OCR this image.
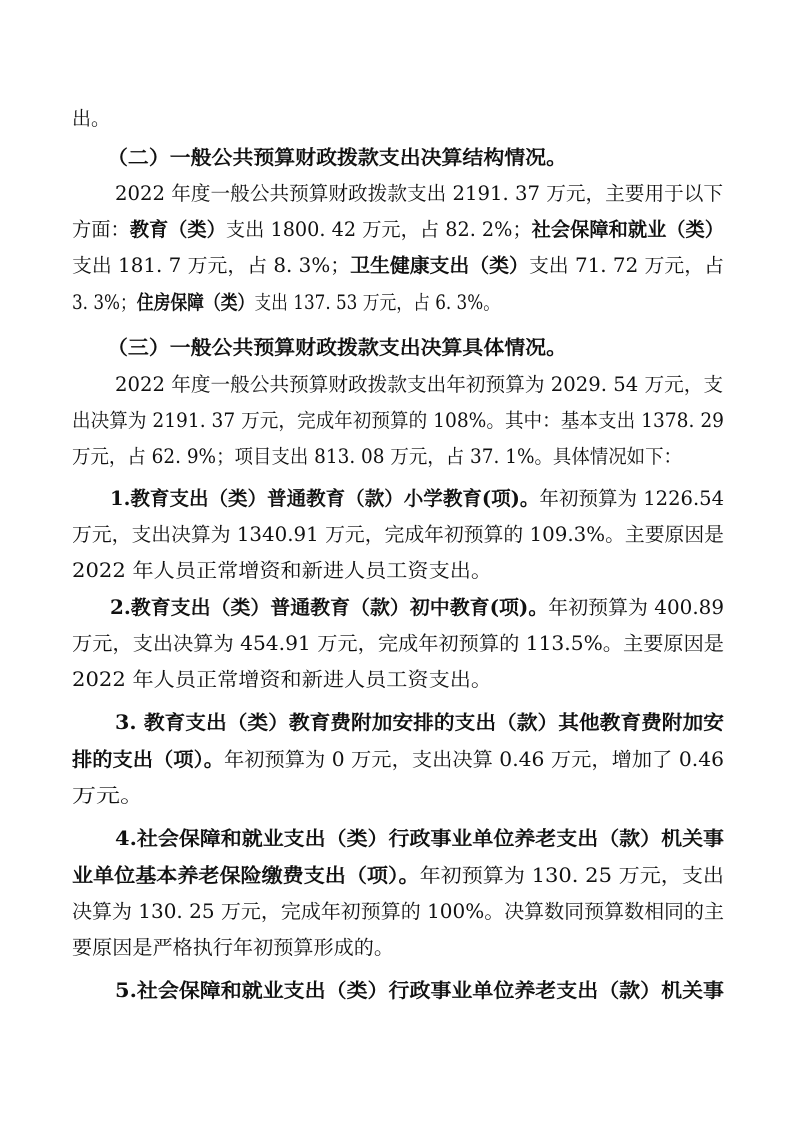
出。
（二）一般公共预算财政拨款支出决算结构情况。
2022 年度一般公共预算财政拨款支出 2191. 37 万元，主要用于以下
方面：教育（类）支出 1800. 42 万元，占 82. 2%；社会保障和就业（类）
支出 181. 7 万元，占 8. 3%；卫生健康支出（类）支出 71. 72 万元，占
3. 3%；住房保障（类）支出 137. 53 万元，占 6. 3%。
（三）一般公共预算财政拨款支出决算具体情况。
2022 年度一般公共预算财政拨款支出年初预算为 2029. 54 万元，支
出决算为 2191. 37 万元，完成年初预算的 108%。其中：基本支出 1378. 29
万元，占 62. 9%；项目支出 813. 08 万元，占 37. 1%。具体情况如下：
1.教育支出（类）普通教育（款）小学教育(项)。年初预算为 1226.54
万元，支出决算为 1340.91 万元，完成年初预算的 109.3%。主要原因是
2022 年人员正常增资和新进人员工资支出。
2.教育支出（类）普通教育（款）初中教育(项)。年初预算为 400.89
万元，支出决算为 454.91 万元，完成年初预算的 113.5%。主要原因是
2022 年人员正常增资和新进人员工资支出。
3. 教育支出（类）教育费附加安排的支出（款）其他教育费附加安
排的支出（项）。年初预算为 0 万元，支出决算 0.46 万元，增加了 0.46
万元。
4.社会保障和就业支出（类）行政事业单位养老支出（款）机关事
业单位基本养老保险缴费支出（项）。年初预算为 130. 25 万元，支出
决算为 130. 25 万元，完成年初预算的 100%。决算数同预算数相同的主
要原因是严格执行年初预算形成的。
5.社会保障和就业支出（类）行政事业单位养老支出（款）机关事
